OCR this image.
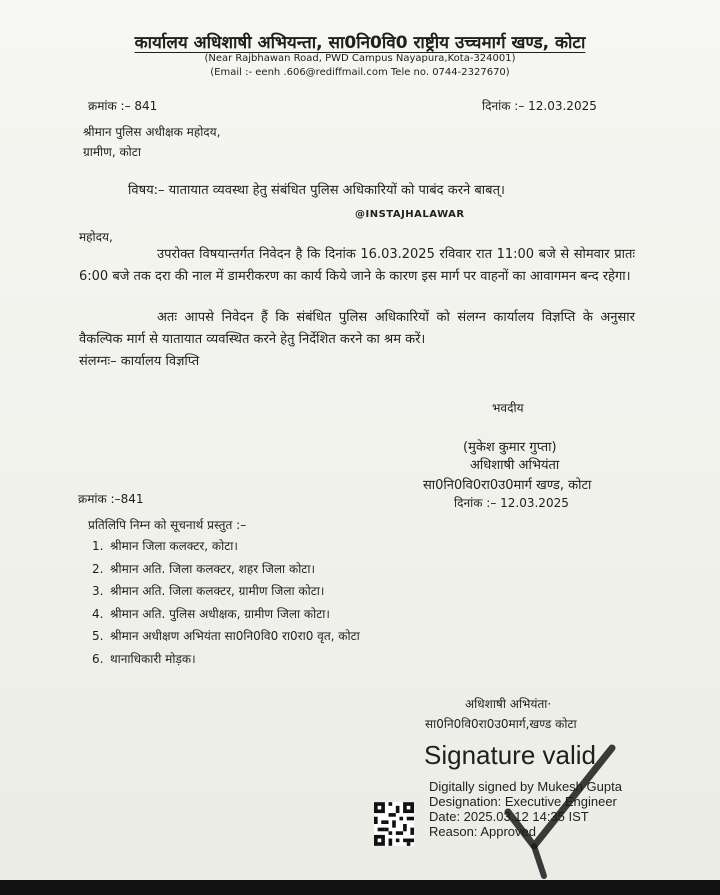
कार्यालय अधिशाषी अभियन्ता, सा0नि0वि0 राष्ट्रीय उच्चमार्ग खण्ड, कोटा
(Near Rajbhawan Road, PWD Campus Nayapura,Kota-324001)
(Email :- eenh .606@rediffmail.com Tele no. 0744-2327670)
क्रमांक :– 841	दिनांक :– 12.03.2025
श्रीमान पुलिस अधीक्षक महोदय,
ग्रामीण, कोटा
विषय:– यातायात व्यवस्था हेतु संबंधित पुलिस अधिकारियों को पाबंद करने बाबत्।
@INSTAJHALAWAR
महोदय,
उपरोक्त विषयान्तर्गत निवेदन है कि दिनांक 16.03.2025 रविवार रात 11:00 बजे से सोमवार प्रातः 6:00 बजे तक दरा की नाल में डामरीकरण का कार्य किये जाने के कारण इस मार्ग पर वाहनों का आवागमन बन्द रहेगा।
अतः आपसे निवेदन हैं कि संबंधित पुलिस अधिकारियों को संलग्न कार्यालय विज्ञप्ति के अनुसार वैकल्पिक मार्ग से यातायात व्यवस्थित करने हेतु निर्देशित करने का श्रम करें।
संलग्नः– कार्यालय विज्ञप्ति
भवदीय
(मुकेश कुमार गुप्ता)
अधिशाषी अभियंता
सा0नि0वि0रा0उ0मार्ग खण्ड, कोटा
दिनांक :– 12.03.2025
क्रमांक :–841
प्रतिलिपि निम्न को सूचनार्थ प्रस्तुत :–
1. श्रीमान जिला कलक्टर, कोटा।
2. श्रीमान अति. जिला कलक्टर, शहर जिला कोटा।
3. श्रीमान अति. जिला कलक्टर, ग्रामीण जिला कोटा।
4. श्रीमान अति. पुलिस अधीक्षक, ग्रामीण जिला कोटा।
5. श्रीमान अधीक्षण अभियंता सा0नि0वि0 रा0रा0 वृत, कोटा
6. थानाधिकारी मोड़क।
अधिशाषी अभियंता·
सा0नि0वि0रा0उ0मार्ग,खण्ड कोटा
Signature valid
Digitally signed by Mukesh Gupta
Designation: Executive Engineer
Date: 2025.03.12 14:35 IST
Reason: Approved
